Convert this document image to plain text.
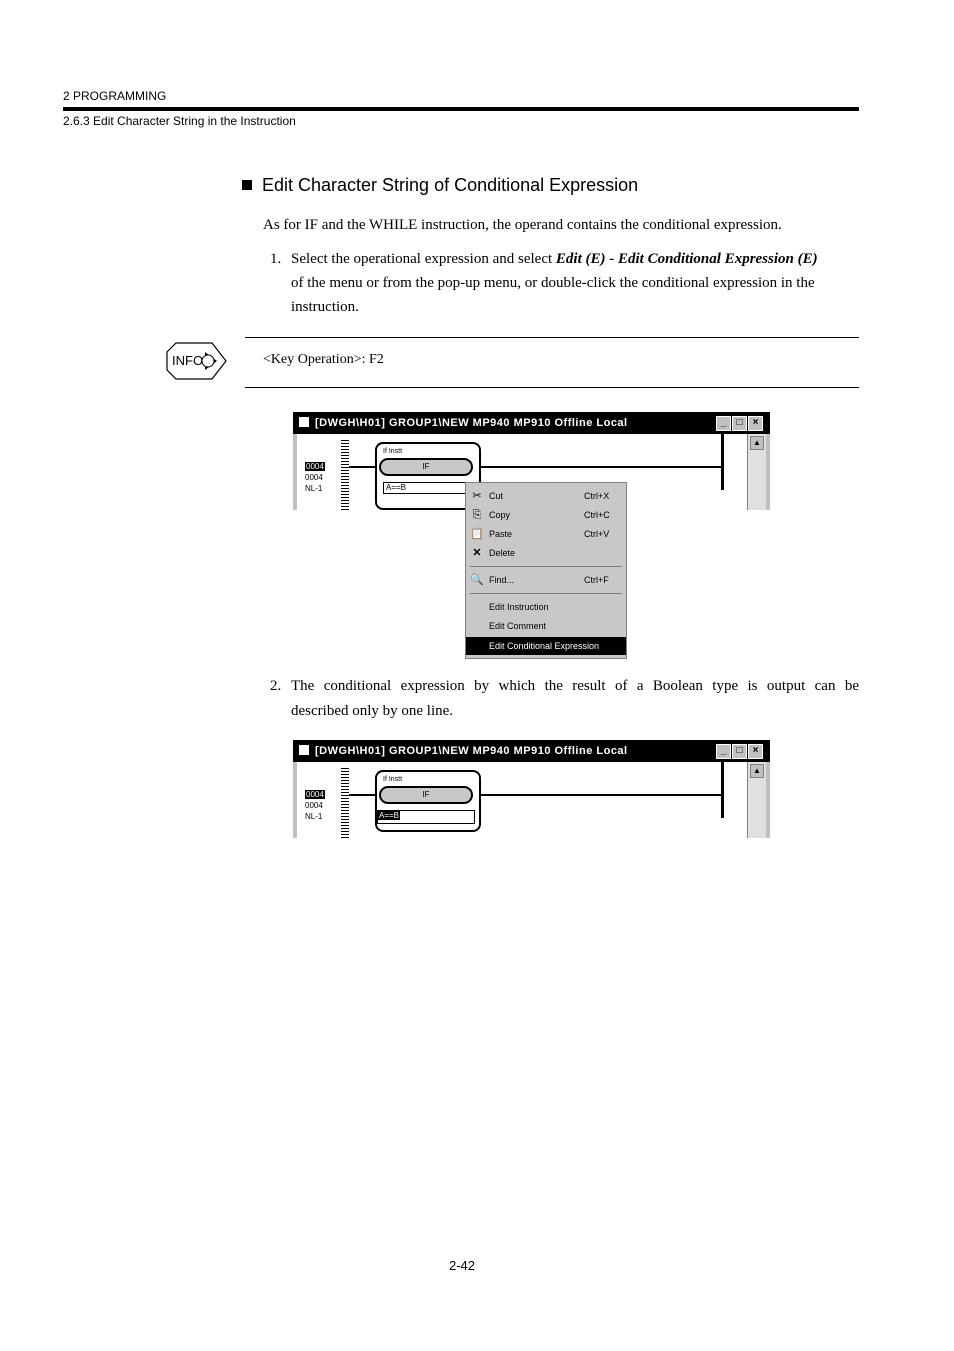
2 PROGRAMMING
2.6.3 Edit Character String in the Instruction
Edit Character String of Conditional Expression
As for IF and the WHILE instruction, the operand contains the conditional expression.
1. Select the operational expression and select Edit (E) - Edit Conditional Expression (E)
of the menu or from the pop-up menu, or double-click the conditional expression in the
instruction.
INFO	<Key Operation>: F2
[DWGH\H01] GROUP1\NEW MP940 MP910 Offline Local	_	□	×
0004
0004
NL-1
If Instt
IF
A==B
▲
✂ Cut	Ctrl+X
⎘ Copy	Ctrl+C
📋 Paste	Ctrl+V
✕ Delete
🔍 Find...	Ctrl+F
Edit Instruction
Edit Comment
Edit Conditional Expression
2. The conditional expression by which the result of a Boolean type is output can be
described only by one line.
[DWGH\H01] GROUP1\NEW MP940 MP910 Offline Local	_	□	×
0004
0004
NL-1
If Instt
IF
A==B
▲
2-42
